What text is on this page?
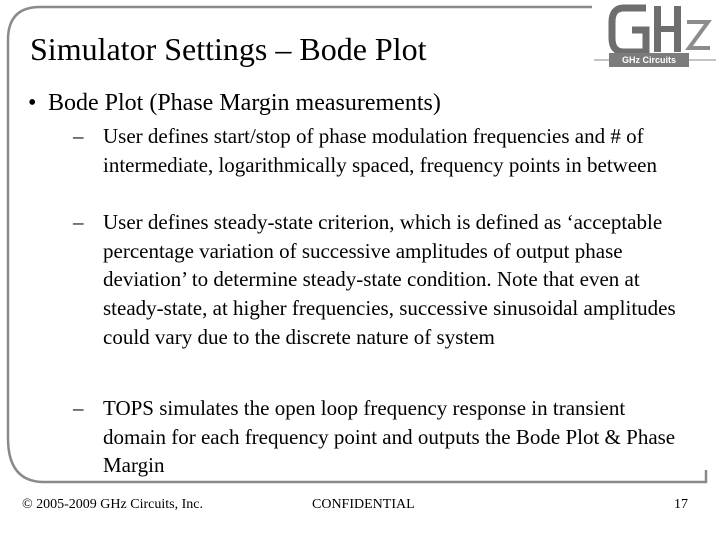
Simulator Settings – Bode Plot	GHz Circuits
• Bode Plot (Phase Margin measurements)
– User defines start/stop of phase modulation frequencies and # of intermediate, logarithmically spaced, frequency points in between
– User defines steady-state criterion, which is defined as ‘acceptable percentage variation of successive amplitudes of output phase deviation’ to determine steady-state condition. Note that even at steady-state, at higher frequencies, successive sinusoidal amplitudes could vary due to the discrete nature of system
– TOPS simulates the open loop frequency response in transient domain for each frequency point and outputs the Bode Plot & Phase Margin
© 2005-2009 GHz Circuits, Inc.	CONFIDENTIAL	17
